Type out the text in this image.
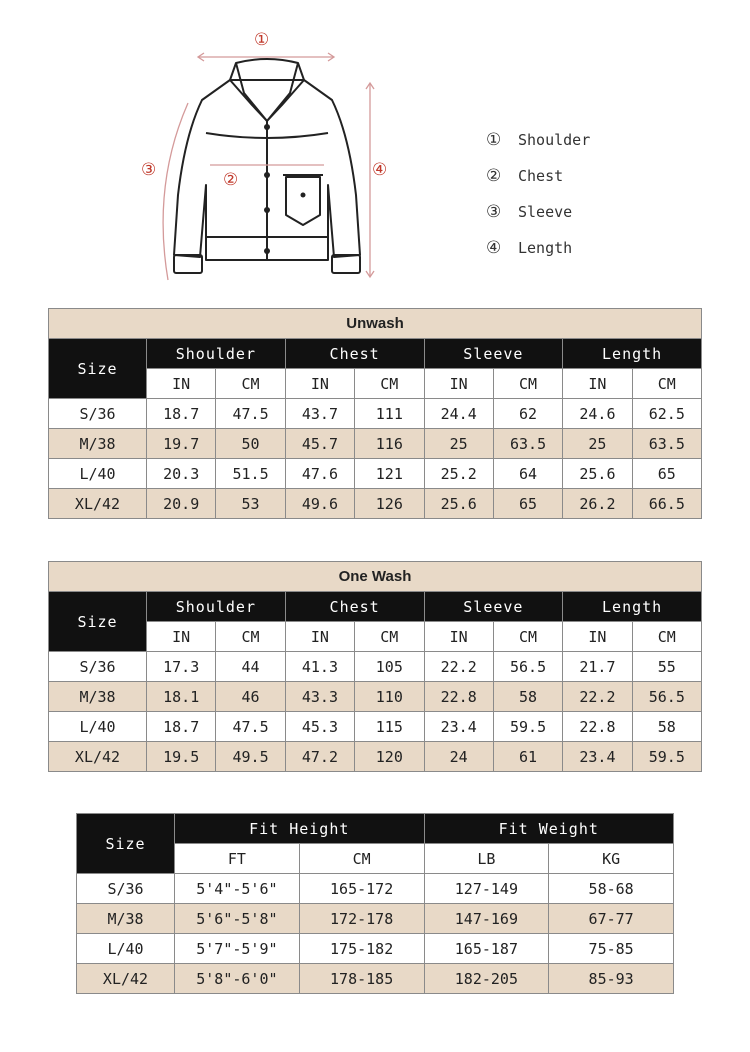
①
②
③	④
①	Shoulder
②	Chest
③	Sleeve
④	Length
Unwash								
Size	Shoulder		Chest		Sleeve		Length	
	IN	CM	IN	CM	IN	CM	IN	CM
S/36	18.7	47.5	43.7	111	24.4	62	24.6	62.5
M/38	19.7	50	45.7	116	25	63.5	25	63.5
L/40	20.3	51.5	47.6	121	25.2	64	25.6	65
XL/42	20.9	53	49.6	126	25.6	65	26.2	66.5
One Wash								
Size	Shoulder		Chest		Sleeve		Length	
	IN	CM	IN	CM	IN	CM	IN	CM
S/36	17.3	44	41.3	105	22.2	56.5	21.7	55
M/38	18.1	46	43.3	110	22.8	58	22.2	56.5
L/40	18.7	47.5	45.3	115	23.4	59.5	22.8	58
XL/42	19.5	49.5	47.2	120	24	61	23.4	59.5
Size	Fit Height		Fit Weight	
	FT	CM	LB	KG
S/36	5'4"-5'6"	165-172	127-149	58-68
M/38	5'6"-5'8"	172-178	147-169	67-77
L/40	5'7"-5'9"	175-182	165-187	75-85
XL/42	5'8"-6'0"	178-185	182-205	85-93
